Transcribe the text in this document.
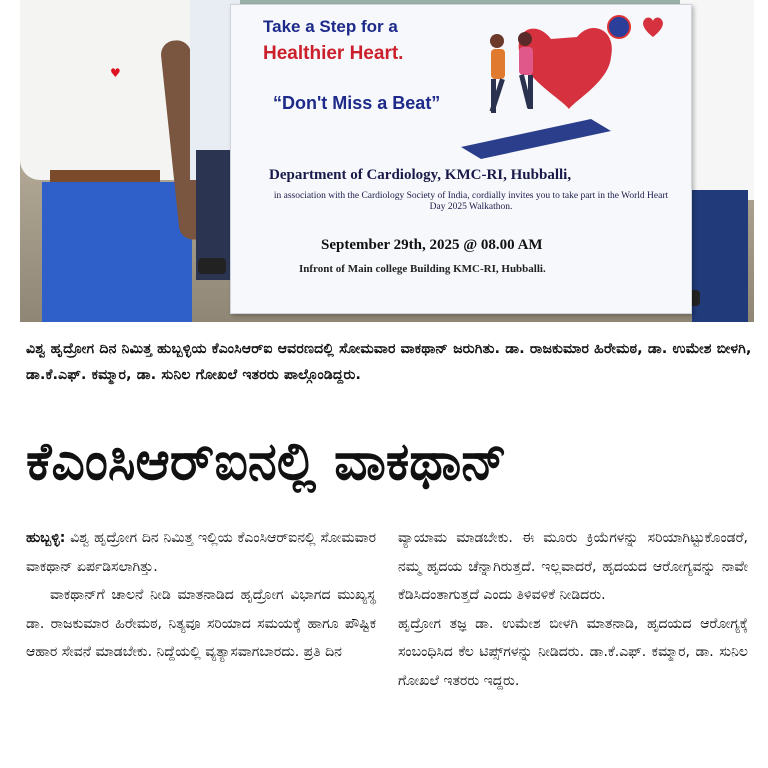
♥
Take a Step for a
Healthier Heart.
“Don't Miss a Beat”
Department of Cardiology, KMC-RI, Hubballi,
in association with the Cardiology Society of India, cordially invites you to take part in the World Heart Day 2025 Walkathon.
September 29th, 2025 @ 08.00 AM
Infront of Main college Building KMC-RI, Hubballi.
ವಿಶ್ವ ಹೃದ್ರೋಗ ದಿನ ನಿಮಿತ್ತ ಹುಬ್ಬಳ್ಳಿಯ ಕೆಎಂಸಿಆರ್‌ಐ ಆವರಣದಲ್ಲಿ ಸೋಮವಾರ ವಾಕಥಾನ್ ಜರುಗಿತು. ಡಾ. ರಾಜಕುಮಾರ ಹಿರೇಮಠ, ಡಾ. ಉಮೇಶ ಬೀಳಗಿ, ಡಾ.ಕೆ.ಎಫ್. ಕಮ್ಮಾರ, ಡಾ. ಸುನಿಲ ಗೋಖಲೆ ಇತರರು ಪಾಲ್ಗೊಂಡಿದ್ದರು.
ಕೆಎಂಸಿಆರ್‌ಐನಲ್ಲಿ ವಾಕಥಾನ್
ಹುಬ್ಬಳ್ಳಿ: ವಿಶ್ವ ಹೃದ್ರೋಗ ದಿನ ನಿಮಿತ್ತ ಇಲ್ಲಿಯ ಕೆಎಂಸಿಆರ್‌ಐನಲ್ಲಿ ಸೋಮವಾರ ವಾಕಥಾನ್ ಏರ್ಪಡಿಸಲಾಗಿತ್ತು.
ವಾಕಥಾನ್‌ಗೆ ಚಾಲನೆ ನೀಡಿ ಮಾತನಾಡಿದ ಹೃದ್ರೋಗ ವಿಭಾಗದ ಮುಖ್ಯಸ್ಥ ಡಾ. ರಾಜಕುಮಾರ ಹಿರೇಮಠ, ನಿತ್ಯವೂ ಸರಿಯಾದ ಸಮಯಕ್ಕೆ ಹಾಗೂ ಪೌಷ್ಟಿಕ ಆಹಾರ ಸೇವನೆ ಮಾಡಬೇಕು. ನಿದ್ದೆಯಲ್ಲಿ ವ್ಯತ್ಯಾಸವಾಗಬಾರದು. ಪ್ರತಿ ದಿನ
ವ್ಯಾಯಾಮ ಮಾಡಬೇಕು. ಈ ಮೂರು ಕ್ರಿಯೆಗಳನ್ನು ಸರಿಯಾಗಿಟ್ಟುಕೊಂಡರೆ, ನಮ್ಮ ಹೃದಯ ಚೆನ್ನಾಗಿರುತ್ತದೆ. ಇಲ್ಲವಾದರೆ, ಹೃದಯದ ಆರೋಗ್ಯವನ್ನು ನಾವೇ ಕೆಡಿಸಿದಂತಾಗುತ್ತದೆ ಎಂದು ತಿಳಿವಳಿಕೆ ನೀಡಿದರು.
ಹೃದ್ರೋಗ ತಜ್ಞ ಡಾ. ಉಮೇಶ ಬೀಳಗಿ ಮಾತನಾಡಿ, ಹೃದಯದ ಆರೋಗ್ಯಕ್ಕೆ ಸಂಬಂಧಿಸಿದ ಕೆಲ ಟಿಪ್ಸ್‌ಗಳನ್ನು ನೀಡಿದರು. ಡಾ.ಕೆ.ಎಫ್. ಕಮ್ಮಾರ, ಡಾ. ಸುನಿಲ ಗೋಖಲೆ ಇತರರು ಇದ್ದರು.
